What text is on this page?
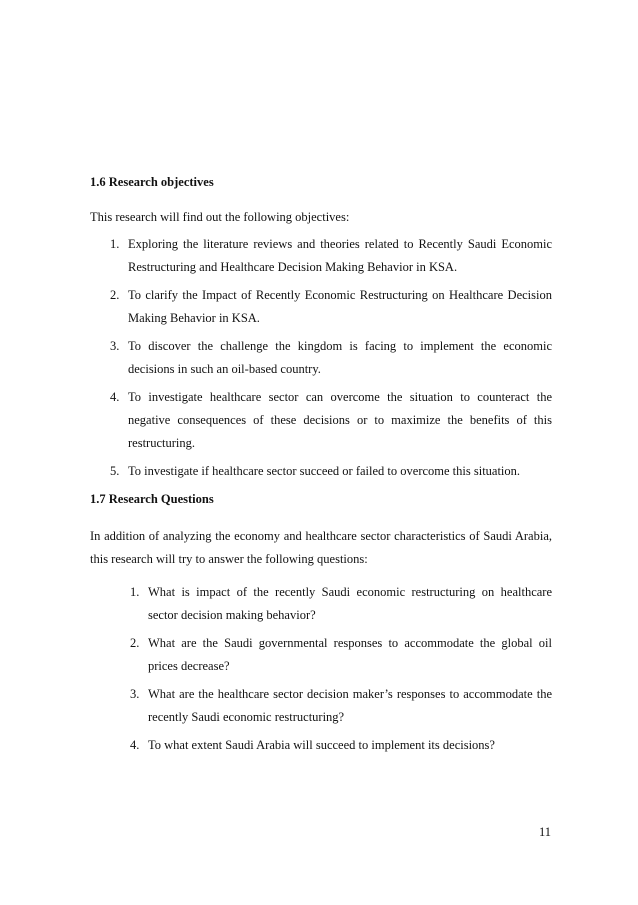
1.6 Research objectives

This research will find out the following objectives:

1. Exploring the literature reviews and theories related to Recently Saudi Economic Restructuring and Healthcare Decision Making Behavior in KSA.
2. To clarify the Impact of Recently Economic Restructuring on Healthcare Decision Making Behavior in KSA.
3. To discover the challenge the kingdom is facing to implement the economic decisions in such an oil-based country.
4. To investigate healthcare sector can overcome the situation to counteract the negative consequences of these decisions or to maximize the benefits of this restructuring.
5. To investigate if healthcare sector succeed or failed to overcome this situation.
1.7 Research Questions

In addition of analyzing the economy and healthcare sector characteristics of Saudi Arabia, this research will try to answer the following questions:

1. What is impact of the recently Saudi economic restructuring on healthcare sector decision making behavior?
2. What are the Saudi governmental responses to accommodate the global oil prices decrease?
3. What are the healthcare sector decision maker’s responses to accommodate the recently Saudi economic restructuring?
4. To what extent Saudi Arabia will succeed to implement its decisions?
11
